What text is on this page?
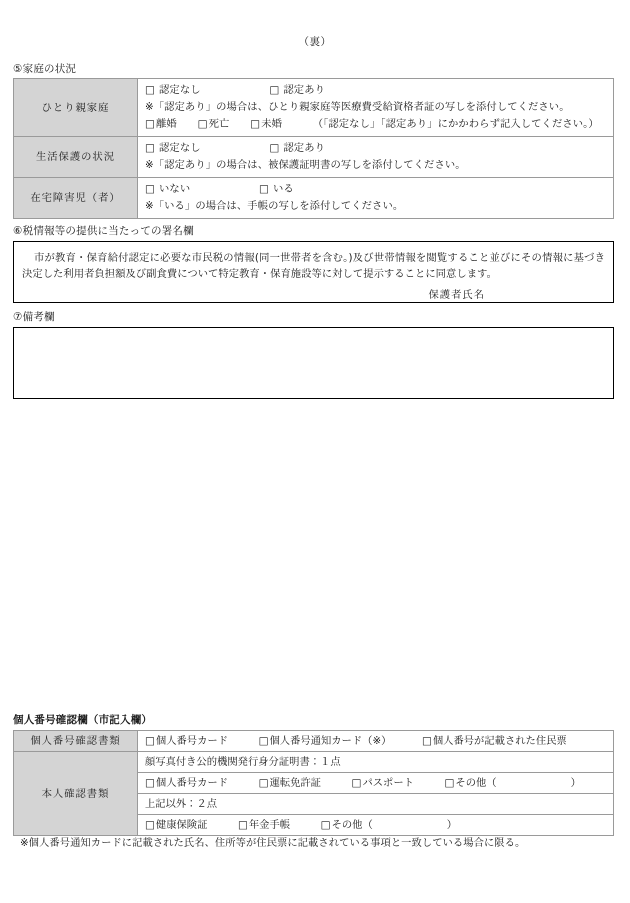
（裏）
⑤家庭の状況
ひとり親家庭	□ 認定なし □ 認定あり
※「認定あり」の場合は、ひとり親家庭等医療費受給資格者証の写しを添付してください。
□離婚 □死亡 □未婚 （「認定なし」「認定あり」にかかわらず記入してください。）

生活保護の状況	□ 認定なし □ 認定あり
※「認定あり」の場合は、被保護証明書の写しを添付してください。

在宅障害児（者）	□ いない □ いる
※「いる」の場合は、手帳の写しを添付してください。
⑥税情報等の提供に当たっての署名欄
市が教育・保育給付認定に必要な市民税の情報(同一世帯者を含む。)及び世帯情報を閲覧すること並びにその情報に基づき決定した利用者負担額及び副食費について特定教育・保育施設等に対して提示することに同意します。
保護者氏名
⑦備考欄
個人番号確認欄（市記入欄）
個人番号確認書類	□個人番号カード □個人番号通知カード（※） □個人番号が記載された住民票

本人確認書類	顔写真付き公的機関発行身分証明書：１点

	□個人番号カード □運転免許証 □パスポート □その他（ ）

	上記以外：２点

	□健康保険証 □年金手帳 □その他（ ）
※個人番号通知カードに記載された氏名、住所等が住民票に記載されている事項と一致している場合に限る。
